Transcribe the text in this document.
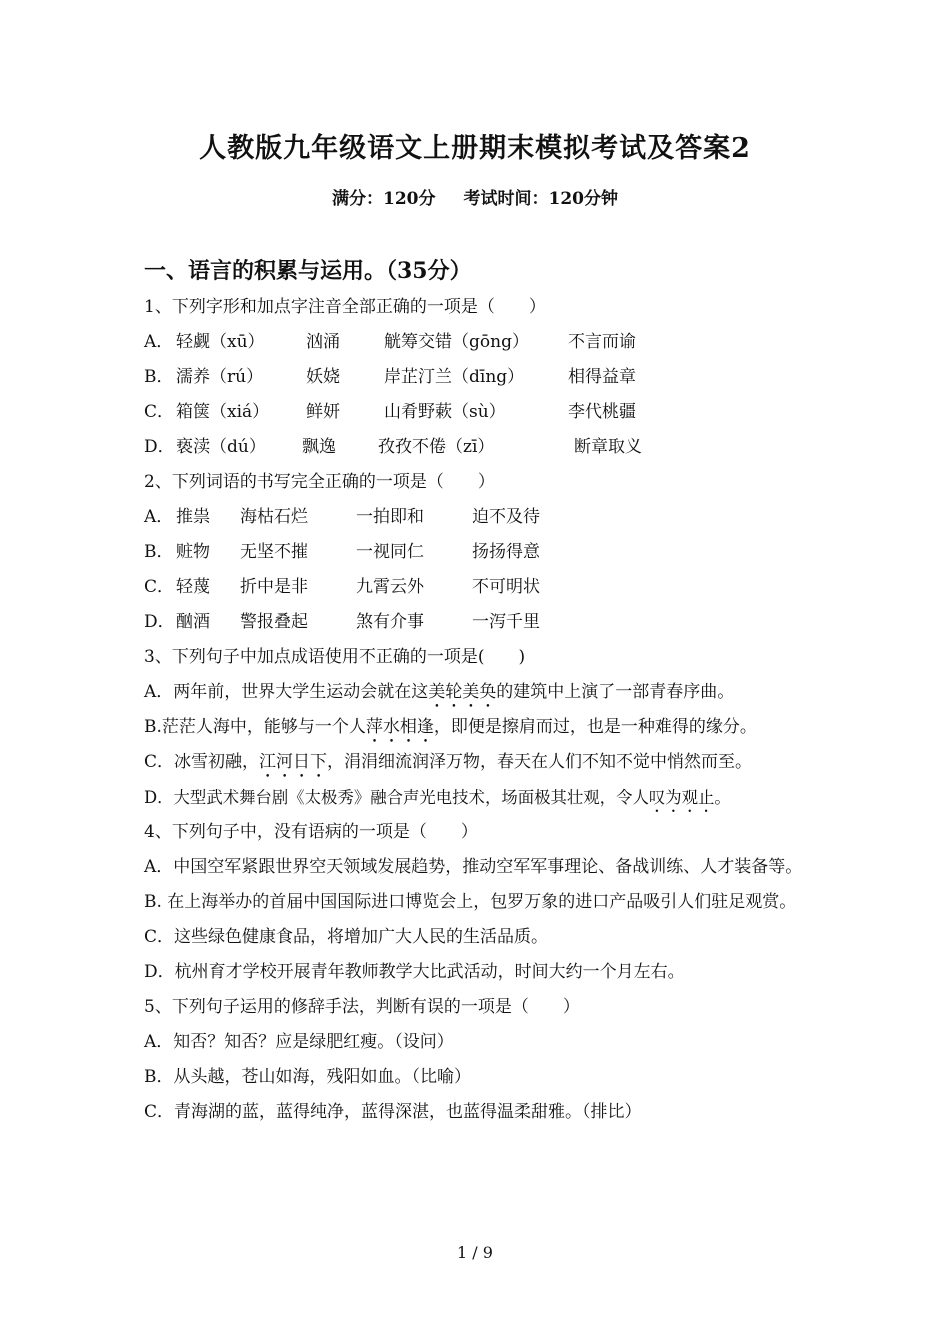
人教版九年级语文上册期末模拟考试及答案2
满分：120分 考试时间：120分钟
一、语言的积累与运用。（35分）
1、下列字形和加点字注音全部正确的一项是（　　）
A． 轻觑（xū）	汹涌	觥筹交错（gōng）	不言而谕
B． 濡养（rú）	妖娆	岸芷汀兰（dīng）	相得益章
C． 箱箧（xiá）	鲜妍	山肴野蔌（sù）	李代桃疆
D． 亵渎（dú）	飘逸	孜孜不倦（zī）	断章取义
2、下列词语的书写完全正确的一项是（　　）
A． 推祟	海枯石烂	一拍即和	迫不及待
B． 赃物	无坚不摧	一视同仁	扬扬得意
C． 轻蔑	折中是非	九霄云外	不可明状
D． 酗酒	警报叠起	煞有介事	一泻千里
3、下列句子中加点成语使用不正确的一项是(　　)
A．两年前，世界大学生运动会就在这美轮美奂的建筑中上演了一部青春序曲。
B.茫茫人海中，能够与一个人萍水相逢，即便是擦肩而过，也是一种难得的缘分。
C．冰雪初融，江河日下，涓涓细流润泽万物，春天在人们不知不觉中悄然而至。
D．大型武术舞台剧《太极秀》融合声光电技术，场面极其壮观，令人叹为观止。
4、下列句子中，没有语病的一项是（　　）
A．中国空军紧跟世界空天领域发展趋势，推动空军军事理论、备战训练、人才装备等。
B. 在上海举办的首届中国国际进口博览会上，包罗万象的进口产品吸引人们驻足观赏。
C．这些绿色健康食品，将增加广大人民的生活品质。
D．杭州育才学校开展青年教师教学大比武活动，时间大约一个月左右。
5、下列句子运用的修辞手法，判断有误的一项是（　　）
A．知否？知否？应是绿肥红瘦。（设问）
B．从头越，苍山如海，残阳如血。（比喻）
C．青海湖的蓝，蓝得纯净，蓝得深湛，也蓝得温柔甜雅。（排比）
1 / 9
